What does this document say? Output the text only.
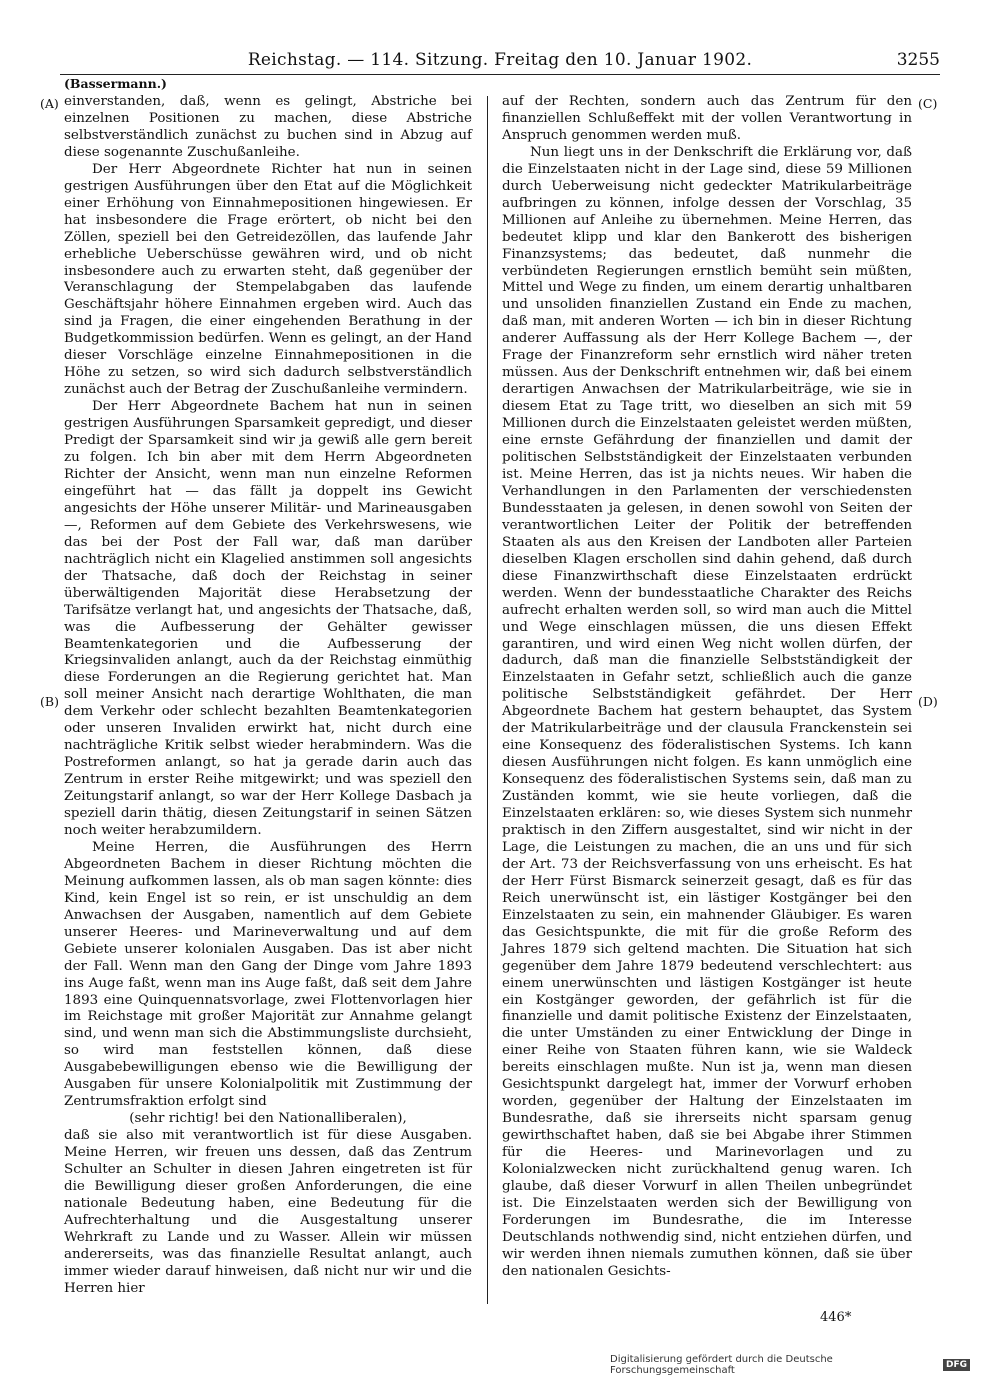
Reichstag. — 114. Sitzung. Freitag den 10. Januar 1902.	3255
(Bassermann.)
(A)
(B)
(C)
(D)

einverstanden, daß, wenn es gelingt, Abstriche bei einzelnen Positionen zu machen, diese Abstriche selbstverständlich zunächst zu buchen sind in Abzug auf diese sogenannte Zuschußanleihe.

Der Herr Abgeordnete Richter hat nun in seinen gestrigen Ausführungen über den Etat auf die Möglichkeit einer Erhöhung von Einnahmepositionen hingewiesen. Er hat insbesondere die Frage erörtert, ob nicht bei den Zöllen, speziell bei den Getreidezöllen, das laufende Jahr erhebliche Ueberschüsse gewähren wird, und ob nicht insbesondere auch zu erwarten steht, daß gegenüber der Veranschlagung der Stempelabgaben das laufende Geschäftsjahr höhere Einnahmen ergeben wird. Auch das sind ja Fragen, die einer eingehenden Berathung in der Budgetkommission bedürfen. Wenn es gelingt, an der Hand dieser Vorschläge einzelne Einnahmepositionen in die Höhe zu setzen, so wird sich dadurch selbstverständlich zunächst auch der Betrag der Zuschußanleihe vermindern.

Der Herr Abgeordnete Bachem hat nun in seinen gestrigen Ausführungen Sparsamkeit gepredigt, und dieser Predigt der Sparsamkeit sind wir ja gewiß alle gern bereit zu folgen. Ich bin aber mit dem Herrn Abgeordneten Richter der Ansicht, wenn man nun einzelne Reformen eingeführt hat — das fällt ja doppelt ins Gewicht angesichts der Höhe unserer Militär- und Marineausgaben —, Reformen auf dem Gebiete des Verkehrswesens, wie das bei der Post der Fall war, daß man darüber nachträglich nicht ein Klagelied anstimmen soll angesichts der Thatsache, daß doch der Reichstag in seiner überwältigenden Majorität diese Herabsetzung der Tarifsätze verlangt hat, und angesichts der Thatsache, daß, was die Aufbesserung der Gehälter gewisser Beamtenkategorien und die Aufbesserung der Kriegsinvaliden anlangt, auch da der Reichstag einmüthig diese Forderungen an die Regierung gerichtet hat. Man soll meiner Ansicht nach derartige Wohlthaten, die man dem Verkehr oder schlecht bezahlten Beamtenkategorien oder unseren Invaliden erwirkt hat, nicht durch eine nachträgliche Kritik selbst wieder herabmindern. Was die Postreformen anlangt, so hat ja gerade darin auch das Zentrum in erster Reihe mitgewirkt; und was speziell den Zeitungstarif anlangt, so war der Herr Kollege Dasbach ja speziell darin thätig, diesen Zeitungstarif in seinen Sätzen noch weiter herabzumildern.

Meine Herren, die Ausführungen des Herrn Abgeordneten Bachem in dieser Richtung möchten die Meinung aufkommen lassen, als ob man sagen könnte: dies Kind, kein Engel ist so rein, er ist unschuldig an dem Anwachsen der Ausgaben, namentlich auf dem Gebiete unserer Heeres- und Marineverwaltung und auf dem Gebiete unserer kolonialen Ausgaben. Das ist aber nicht der Fall. Wenn man den Gang der Dinge vom Jahre 1893 ins Auge faßt, wenn man ins Auge faßt, daß seit dem Jahre 1893 eine Quinquennatsvorlage, zwei Flottenvorlagen hier im Reichstage mit großer Majorität zur Annahme gelangt sind, und wenn man sich die Abstimmungsliste durchsieht, so wird man feststellen können, daß diese Ausgabebewilligungen ebenso wie die Bewilligung der Ausgaben für unsere Kolonialpolitik mit Zustimmung der Zentrumsfraktion erfolgt sind

(sehr richtig! bei den Nationalliberalen),

daß sie also mit verantwortlich ist für diese Ausgaben. Meine Herren, wir freuen uns dessen, daß das Zentrum Schulter an Schulter in diesen Jahren eingetreten ist für die Bewilligung dieser großen Anforderungen, die eine nationale Bedeutung haben, eine Bedeutung für die Aufrechterhaltung und die Ausgestaltung unserer Wehrkraft zu Lande und zu Wasser. Allein wir müssen andererseits, was das finanzielle Resultat anlangt, auch immer wieder darauf hinweisen, daß nicht nur wir und die Herren hier

auf der Rechten, sondern auch das Zentrum für den finanziellen Schlußeffekt mit der vollen Verantwortung in Anspruch genommen werden muß.

Nun liegt uns in der Denkschrift die Erklärung vor, daß die Einzelstaaten nicht in der Lage sind, diese 59 Millionen durch Ueberweisung nicht gedeckter Matrikularbeiträge aufbringen zu können, infolge dessen der Vorschlag, 35 Millionen auf Anleihe zu übernehmen. Meine Herren, das bedeutet klipp und klar den Bankerott des bisherigen Finanzsystems; das bedeutet, daß nunmehr die verbündeten Regierungen ernstlich bemüht sein müßten, Mittel und Wege zu finden, um einem derartig unhaltbaren und unsoliden finanziellen Zustand ein Ende zu machen, daß man, mit anderen Worten — ich bin in dieser Richtung anderer Auffassung als der Herr Kollege Bachem —, der Frage der Finanzreform sehr ernstlich wird näher treten müssen. Aus der Denkschrift entnehmen wir, daß bei einem derartigen Anwachsen der Matrikularbeiträge, wie sie in diesem Etat zu Tage tritt, wo dieselben an sich mit 59 Millionen durch die Einzelstaaten geleistet werden müßten, eine ernste Gefährdung der finanziellen und damit der politischen Selbstständigkeit der Einzelstaaten verbunden ist. Meine Herren, das ist ja nichts neues. Wir haben die Verhandlungen in den Parlamenten der verschiedensten Bundesstaaten ja gelesen, in denen sowohl von Seiten der verantwortlichen Leiter der Politik der betreffenden Staaten als aus den Kreisen der Landboten aller Parteien dieselben Klagen erschollen sind dahin gehend, daß durch diese Finanzwirthschaft diese Einzelstaaten erdrückt werden. Wenn der bundesstaatliche Charakter des Reichs aufrecht erhalten werden soll, so wird man auch die Mittel und Wege einschlagen müssen, die uns diesen Effekt garantiren, und wird einen Weg nicht wollen dürfen, der dadurch, daß man die finanzielle Selbstständigkeit der Einzelstaaten in Gefahr setzt, schließlich auch die ganze politische Selbstständigkeit gefährdet. Der Herr Abgeordnete Bachem hat gestern behauptet, das System der Matrikularbeiträge und der clausula Franckenstein sei eine Konsequenz des föderalistischen Systems. Ich kann diesen Ausführungen nicht folgen. Es kann unmöglich eine Konsequenz des föderalistischen Systems sein, daß man zu Zuständen kommt, wie sie heute vorliegen, daß die Einzelstaaten erklären: so, wie dieses System sich nunmehr praktisch in den Ziffern ausgestaltet, sind wir nicht in der Lage, die Leistungen zu machen, die an uns und für sich der Art. 73 der Reichsverfassung von uns erheischt. Es hat der Herr Fürst Bismarck seinerzeit gesagt, daß es für das Reich unerwünscht ist, ein lästiger Kostgänger bei den Einzelstaaten zu sein, ein mahnender Gläubiger. Es waren das Gesichtspunkte, die mit für die große Reform des Jahres 1879 sich geltend machten. Die Situation hat sich gegenüber dem Jahre 1879 bedeutend verschlechtert: aus einem unerwünschten und lästigen Kostgänger ist heute ein Kostgänger geworden, der gefährlich ist für die finanzielle und damit politische Existenz der Einzelstaaten, die unter Umständen zu einer Entwicklung der Dinge in einer Reihe von Staaten führen kann, wie sie Waldeck bereits einschlagen mußte. Nun ist ja, wenn man diesen Gesichtspunkt dargelegt hat, immer der Vorwurf erhoben worden, gegenüber der Haltung der Einzelstaaten im Bundesrathe, daß sie ihrerseits nicht sparsam genug gewirthschaftet haben, daß sie bei Abgabe ihrer Stimmen für die Heeres- und Marinevorlagen und zu Kolonialzwecken nicht zurückhaltend genug waren. Ich glaube, daß dieser Vorwurf in allen Theilen unbegründet ist. Die Einzelstaaten werden sich der Bewilligung von Forderungen im Bundesrathe, die im Interesse Deutschlands nothwendig sind, nicht entziehen dürfen, und wir werden ihnen niemals zumuthen können, daß sie über den nationalen Gesichts-

446*
Digitalisierung gefördert durch die Deutsche Forschungsgemeinschaft	DFG
